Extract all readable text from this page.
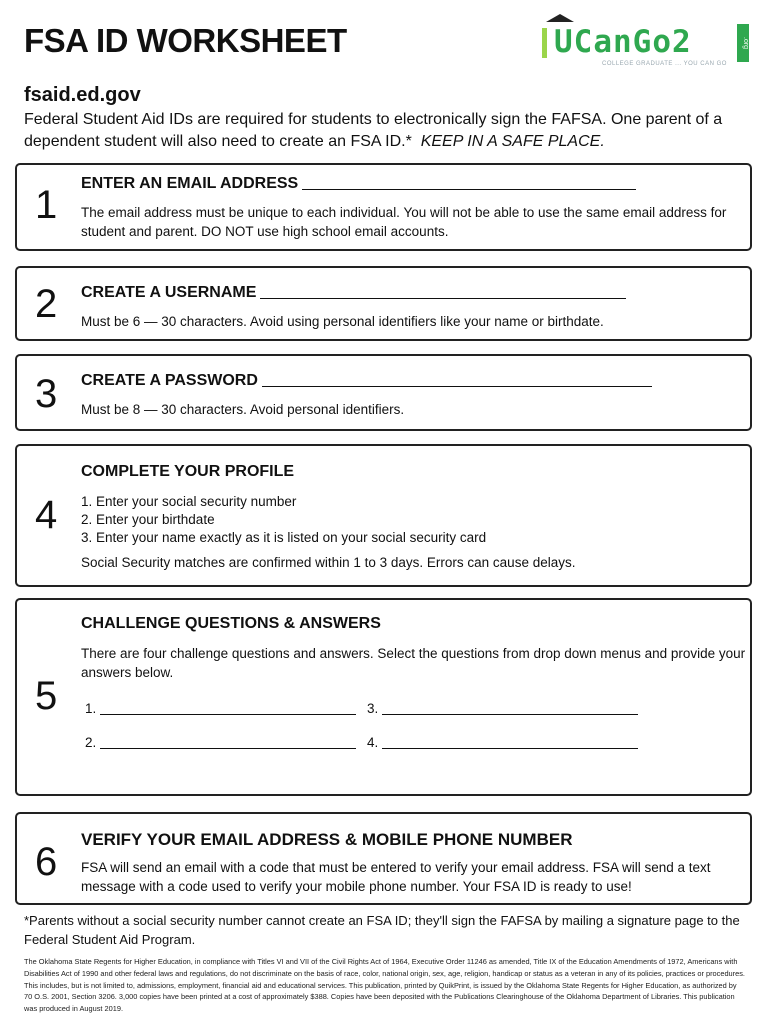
FSA ID WORKSHEET	UCanGo2	.org
COLLEGE GRADUATE ... YOU CAN GO

fsaid.ed.gov

Federal Student Aid IDs are required for students to electronically sign the FAFSA. One parent of a dependent student will also need to create an FSA ID.* KEEP IN A SAFE PLACE.

1 ENTER AN EMAIL ADDRESS

The email address must be unique to each individual. You will not be able to use the same email address for student and parent. DO NOT use high school email accounts.

2 CREATE A USERNAME

Must be 6 — 30 characters. Avoid using personal identifiers like your name or birthdate.

3 CREATE A PASSWORD

Must be 8 — 30 characters. Avoid personal identifiers.

4
COMPLETE YOUR PROFILE
1. Enter your social security number
2. Enter your birthdate
3. Enter your name exactly as it is listed on your social security card

Social Security matches are confirmed within 1 to 3 days. Errors can cause delays.

5
CHALLENGE QUESTIONS & ANSWERS

There are four challenge questions and answers. Select the questions from drop down menus and provide your answers below.

1.	3.
2.	4.
6
VERIFY YOUR EMAIL ADDRESS & MOBILE PHONE NUMBER

FSA will send an email with a code that must be entered to verify your email address. FSA will send a text message with a code used to verify your mobile phone number. Your FSA ID is ready to use!

*Parents without a social security number cannot create an FSA ID; they'll sign the FAFSA by mailing a signature page to the Federal Student Aid Program.

The Oklahoma State Regents for Higher Education, in compliance with Titles VI and VII of the Civil Rights Act of 1964, Executive Order 11246 as amended, Title IX of the Education Amendments of 1972, Americans with Disabilities Act of 1990 and other federal laws and regulations, do not discriminate on the basis of race, color, national origin, sex, age, religion, handicap or status as a veteran in any of its policies, practices or procedures. This includes, but is not limited to, admissions, employment, financial aid and educational services. This publication, printed by QuikPrint, is issued by the Oklahoma State Regents for Higher Education, as authorized by 70 O.S. 2001, Section 3206. 3,000 copies have been printed at a cost of approximately $388. Copies have been deposited with the Publications Clearinghouse of the Oklahoma Department of Libraries. This publication was produced in August 2019.
